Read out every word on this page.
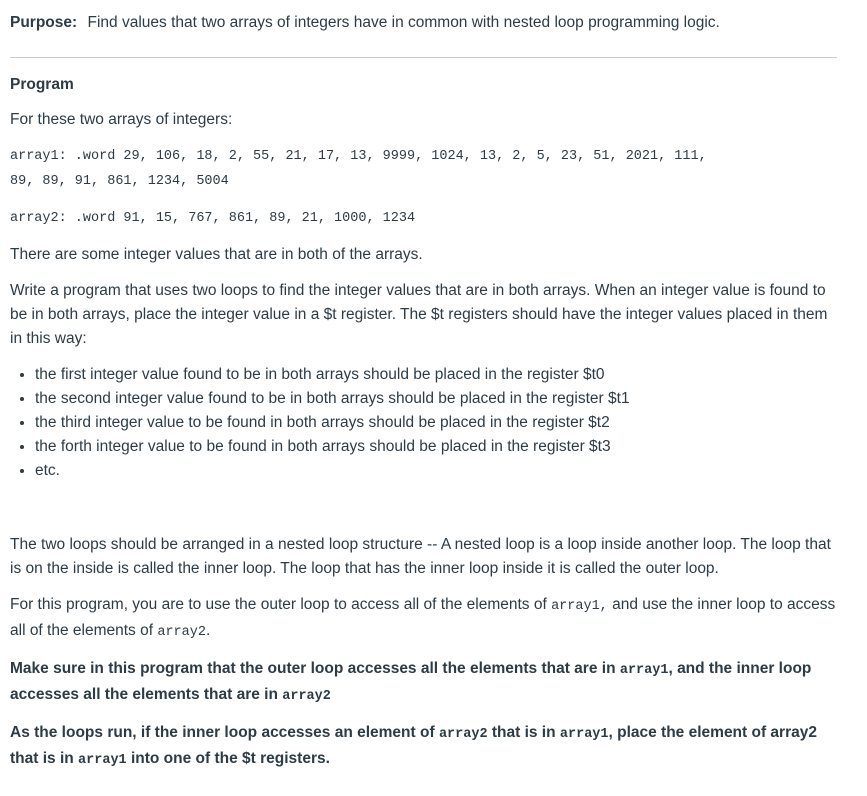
Purpose: Find values that two arrays of integers have in common with nested loop programming logic.

Program

For these two arrays of integers:

array1: .word 29, 106, 18, 2, 55, 21, 17, 13, 9999, 1024, 13, 2, 5, 23, 51, 2021, 111,
89, 89, 91, 861, 1234, 5004
array2: .word 91, 15, 767, 861, 89, 21, 1000, 1234

There are some integer values that are in both of the arrays.

Write a program that uses two loops to find the integer values that are in both arrays. When an integer value is found to be in both arrays, place the integer value in a $t register. The $t registers should have the integer values placed in them in this way:

• the first integer value found to be in both arrays should be placed in the register $t0
• the second integer value found to be in both arrays should be placed in the register $t1
• the third integer value to be found in both arrays should be placed in the register $t2
• the forth integer value to be found in both arrays should be placed in the register $t3
• etc.

The two loops should be arranged in a nested loop structure -- A nested loop is a loop inside another loop. The loop that is on the inside is called the inner loop. The loop that has the inner loop inside it is called the outer loop.

For this program, you are to use the outer loop to access all of the elements of array1, and use the inner loop to access all of the elements of array2.

Make sure in this program that the outer loop accesses all the elements that are in array1, and the inner loop accesses all the elements that are in array2

As the loops run, if the inner loop accesses an element of array2 that is in array1, place the element of array2 that is in array1 into one of the $t registers.
